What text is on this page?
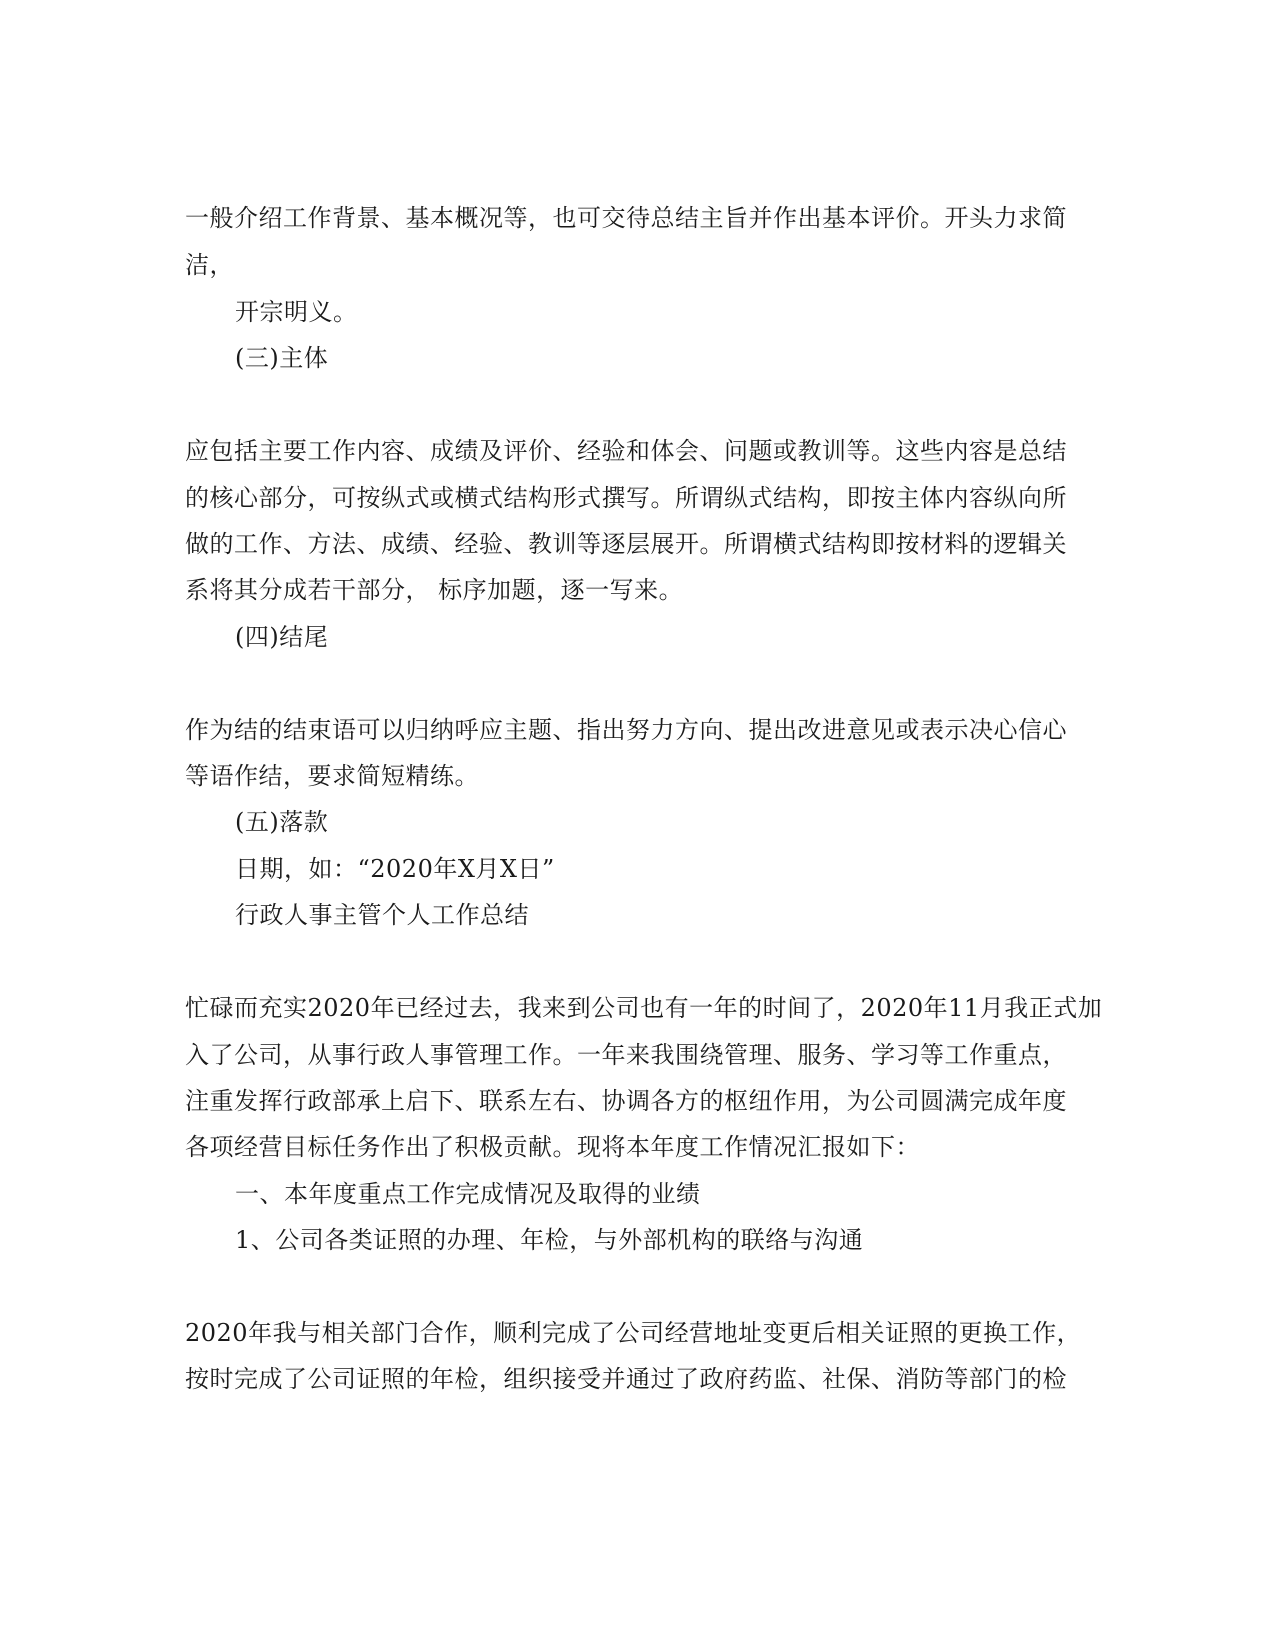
一般介绍工作背景、基本概况等，也可交待总结主旨并作出基本评价。开头力求简
洁，
开宗明义。
(三)主体
应包括主要工作内容、成绩及评价、经验和体会、问题或教训等。这些内容是总结
的核心部分，可按纵式或横式结构形式撰写。所谓纵式结构，即按主体内容纵向所
做的工作、方法、成绩、经验、教训等逐层展开。所谓横式结构即按材料的逻辑关
系将其分成若干部分， 标序加题，逐一写来。
(四)结尾
作为结的结束语可以归纳呼应主题、指出努力方向、提出改进意见或表示决心信心
等语作结，要求简短精练。
(五)落款
日期，如：“2020年X月X日”
行政人事主管个人工作总结
忙碌而充实2020年已经过去，我来到公司也有一年的时间了，2020年11月我正式加
入了公司，从事行政人事管理工作。一年来我围绕管理、服务、学习等工作重点，
注重发挥行政部承上启下、联系左右、协调各方的枢纽作用，为公司圆满完成年度
各项经营目标任务作出了积极贡献。现将本年度工作情况汇报如下：
一、本年度重点工作完成情况及取得的业绩
1、公司各类证照的办理、年检，与外部机构的联络与沟通
2020年我与相关部门合作，顺利完成了公司经营地址变更后相关证照的更换工作，
按时完成了公司证照的年检，组织接受并通过了政府药监、社保、消防等部门的检
